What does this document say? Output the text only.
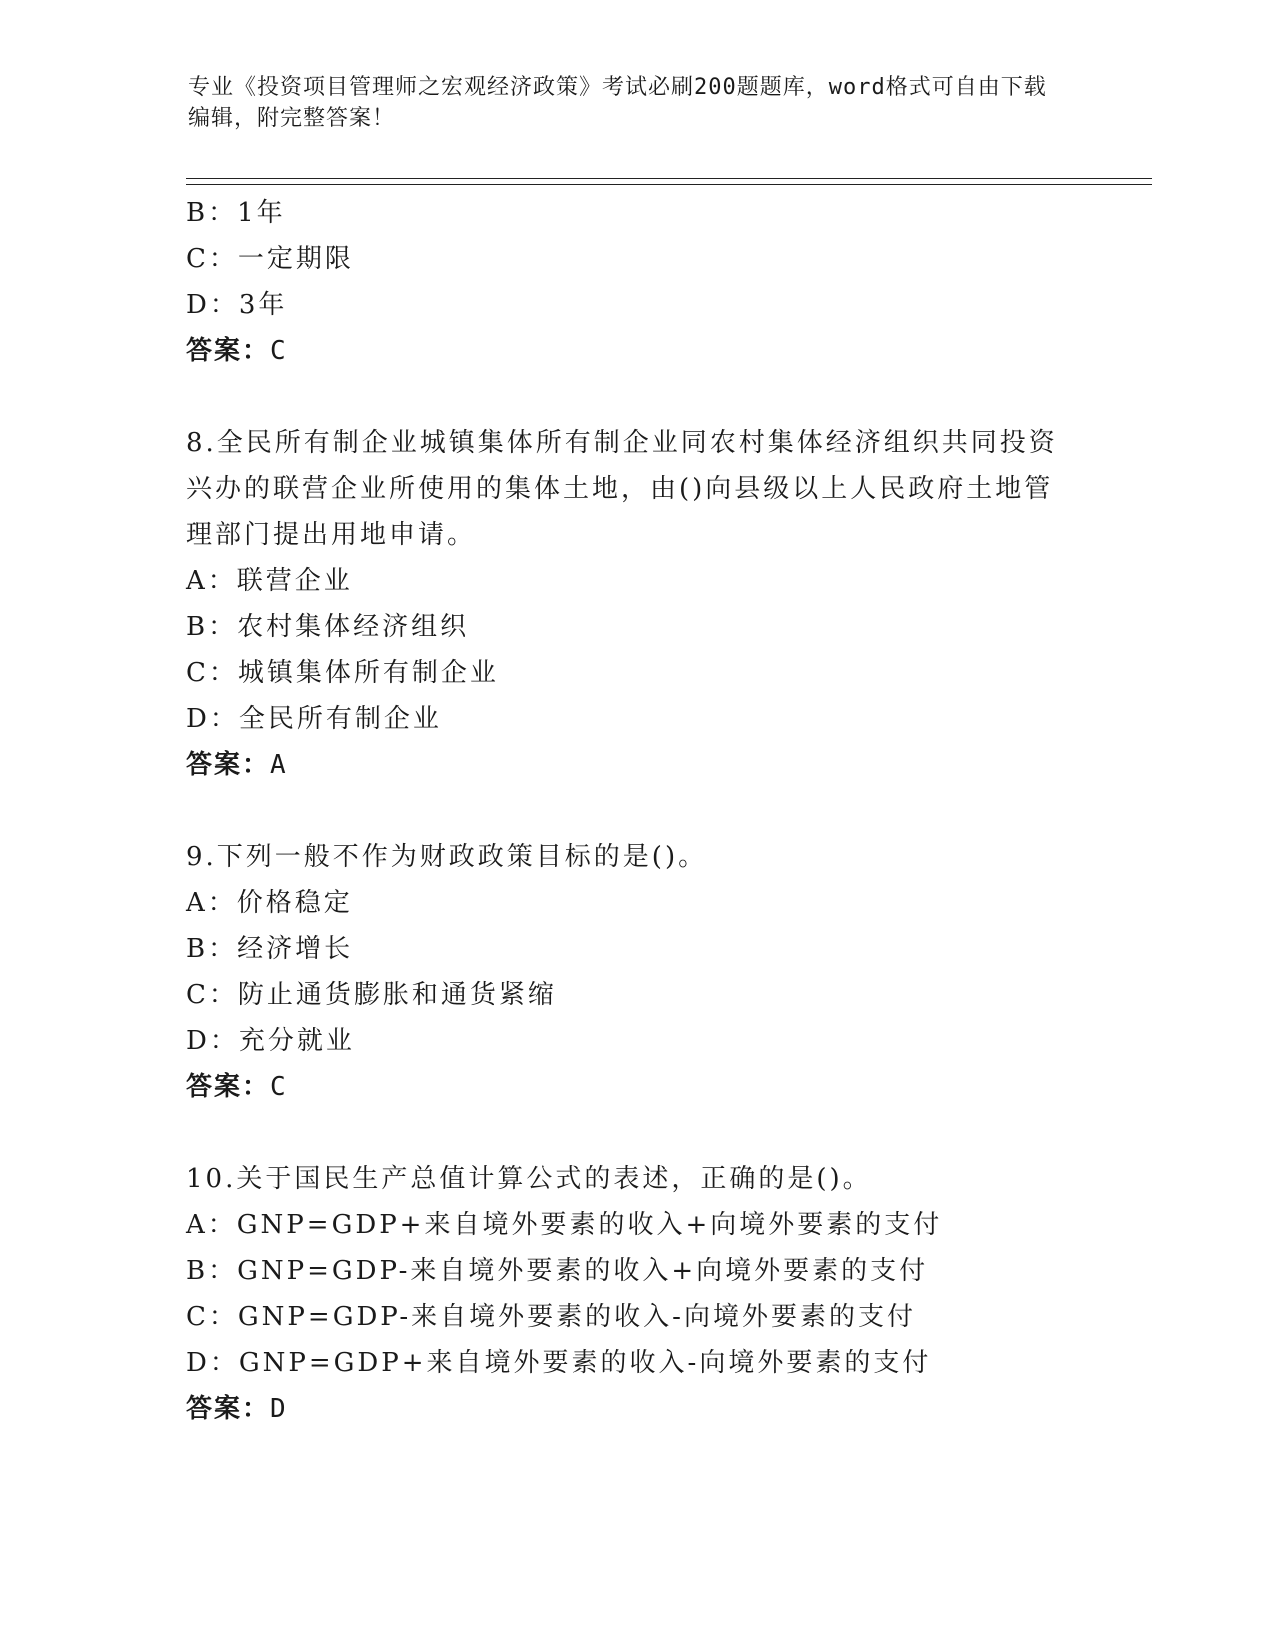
专业《投资项目管理师之宏观经济政策》考试必刷200题题库，word格式可自由下载编辑，附完整答案！
B：1年
C：一定期限
D：3年
答案：C
8.全民所有制企业城镇集体所有制企业同农村集体经济组织共同投资兴办的联营企业所使用的集体土地，由()向县级以上人民政府土地管理部门提出用地申请。
A：联营企业
B：农村集体经济组织
C：城镇集体所有制企业
D：全民所有制企业
答案：A
9.下列一般不作为财政政策目标的是()。
A：价格稳定
B：经济增长
C：防止通货膨胀和通货紧缩
D：充分就业
答案：C
10.关于国民生产总值计算公式的表述，正确的是()。
A：GNP=GDP+来自境外要素的收入+向境外要素的支付
B：GNP=GDP-来自境外要素的收入+向境外要素的支付
C：GNP=GDP-来自境外要素的收入-向境外要素的支付
D：GNP=GDP+来自境外要素的收入-向境外要素的支付
答案：D
